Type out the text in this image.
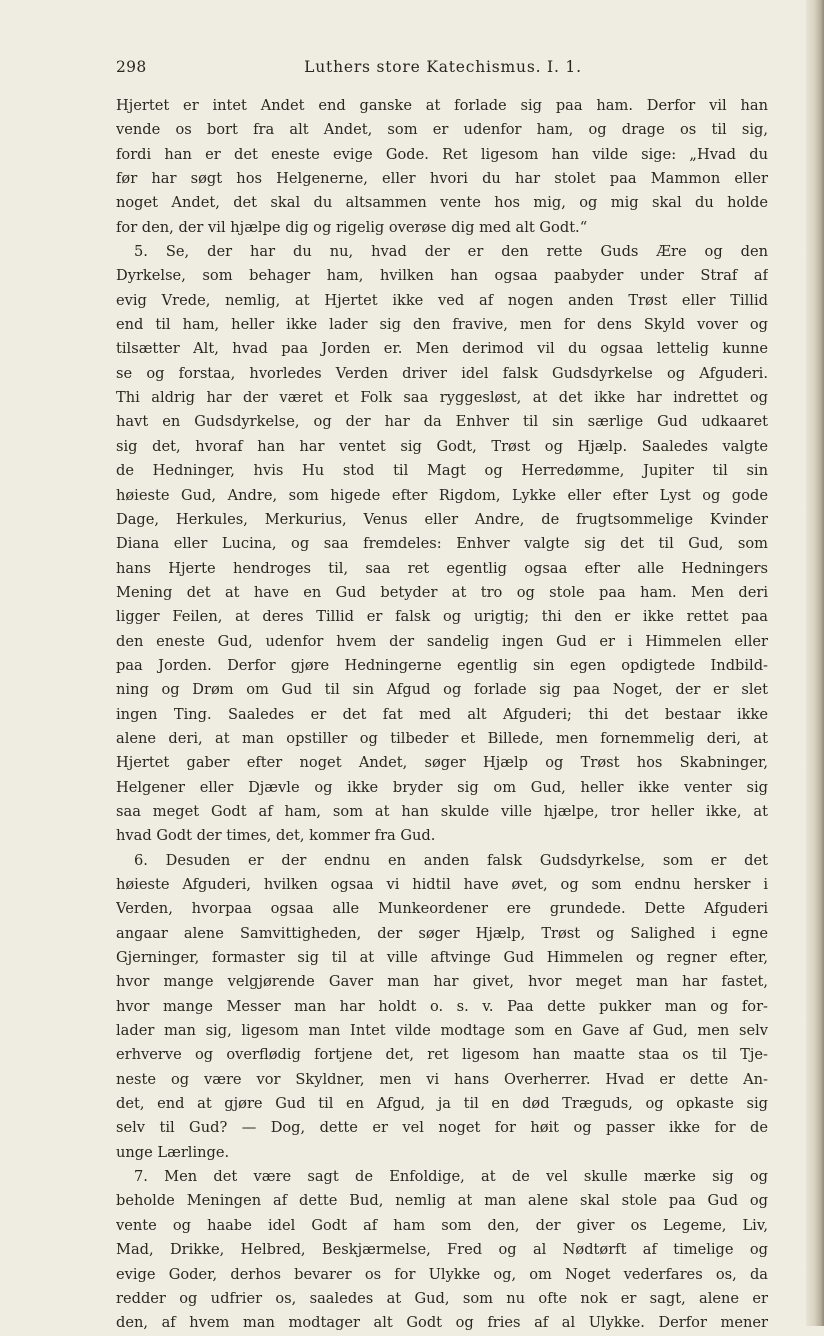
298	Luthers store Katechismus. I. 1.
Hjertet er intet Andet end ganske at forlade sig paa ham. Derfor vil han
vende os bort fra alt Andet, som er udenfor ham, og drage os til sig,
fordi han er det eneste evige Gode. Ret ligesom han vilde sige: „Hvad du
før har søgt hos Helgenerne, eller hvori du har stolet paa Mammon eller
noget Andet, det skal du altsammen vente hos mig, og mig skal du holde
for den, der vil hjælpe dig og rigelig overøse dig med alt Godt.“
5. Se, der har du nu, hvad der er den rette Guds Ære og den
Dyrkelse, som behager ham, hvilken han ogsaa paabyder under Straf af
evig Vrede, nemlig, at Hjertet ikke ved af nogen anden Trøst eller Tillid
end til ham, heller ikke lader sig den fravive, men for dens Skyld vover og
tilsætter Alt, hvad paa Jorden er. Men derimod vil du ogsaa lettelig kunne
se og forstaa, hvorledes Verden driver idel falsk Gudsdyrkelse og Afguderi.
Thi aldrig har der været et Folk saa ryggesløst, at det ikke har indrettet og
havt en Gudsdyrkelse, og der har da Enhver til sin særlige Gud udkaaret
sig det, hvoraf han har ventet sig Godt, Trøst og Hjælp. Saaledes valgte
de Hedninger, hvis Hu stod til Magt og Herredømme, Jupiter til sin
høieste Gud, Andre, som higede efter Rigdom, Lykke eller efter Lyst og gode
Dage, Herkules, Merkurius, Venus eller Andre, de frugtsommelige Kvinder
Diana eller Lucina, og saa fremdeles: Enhver valgte sig det til Gud, som
hans Hjerte hendroges til, saa ret egentlig ogsaa efter alle Hedningers
Mening det at have en Gud betyder at tro og stole paa ham. Men deri
ligger Feilen, at deres Tillid er falsk og urigtig; thi den er ikke rettet paa
den eneste Gud, udenfor hvem der sandelig ingen Gud er i Himmelen eller
paa Jorden. Derfor gjøre Hedningerne egentlig sin egen opdigtede Indbild-
ning og Drøm om Gud til sin Afgud og forlade sig paa Noget, der er slet
ingen Ting. Saaledes er det fat med alt Afguderi; thi det bestaar ikke
alene deri, at man opstiller og tilbeder et Billede, men fornemmelig deri, at
Hjertet gaber efter noget Andet, søger Hjælp og Trøst hos Skabninger,
Helgener eller Djævle og ikke bryder sig om Gud, heller ikke venter sig
saa meget Godt af ham, som at han skulde ville hjælpe, tror heller ikke, at
hvad Godt der times, det, kommer fra Gud.
6. Desuden er der endnu en anden falsk Gudsdyrkelse, som er det
høieste Afguderi, hvilken ogsaa vi hidtil have øvet, og som endnu hersker i
Verden, hvorpaa ogsaa alle Munkeordener ere grundede. Dette Afguderi
angaar alene Samvittigheden, der søger Hjælp, Trøst og Salighed i egne
Gjerninger, formaster sig til at ville aftvinge Gud Himmelen og regner efter,
hvor mange velgjørende Gaver man har givet, hvor meget man har fastet,
hvor mange Messer man har holdt o. s. v. Paa dette pukker man og for-
lader man sig, ligesom man Intet vilde modtage som en Gave af Gud, men selv
erhverve og overflødig fortjene det, ret ligesom han maatte staa os til Tje-
neste og være vor Skyldner, men vi hans Overherrer. Hvad er dette An-
det, end at gjøre Gud til en Afgud, ja til en død Træguds, og opkaste sig
selv til Gud? — Dog, dette er vel noget for høit og passer ikke for de
unge Lærlinge.
7. Men det være sagt de Enfoldige, at de vel skulle mærke sig og
beholde Meningen af dette Bud, nemlig at man alene skal stole paa Gud og
vente og haabe idel Godt af ham som den, der giver os Legeme, Liv,
Mad, Drikke, Helbred, Beskjærmelse, Fred og al Nødtørft af timelige og
evige Goder, derhos bevarer os for Ulykke og, om Noget vederfares os, da
redder og udfrier os, saaledes at Gud, som nu ofte nok er sagt, alene er
den, af hvem man modtager alt Godt og fries af al Ulykke. Derfor mener
